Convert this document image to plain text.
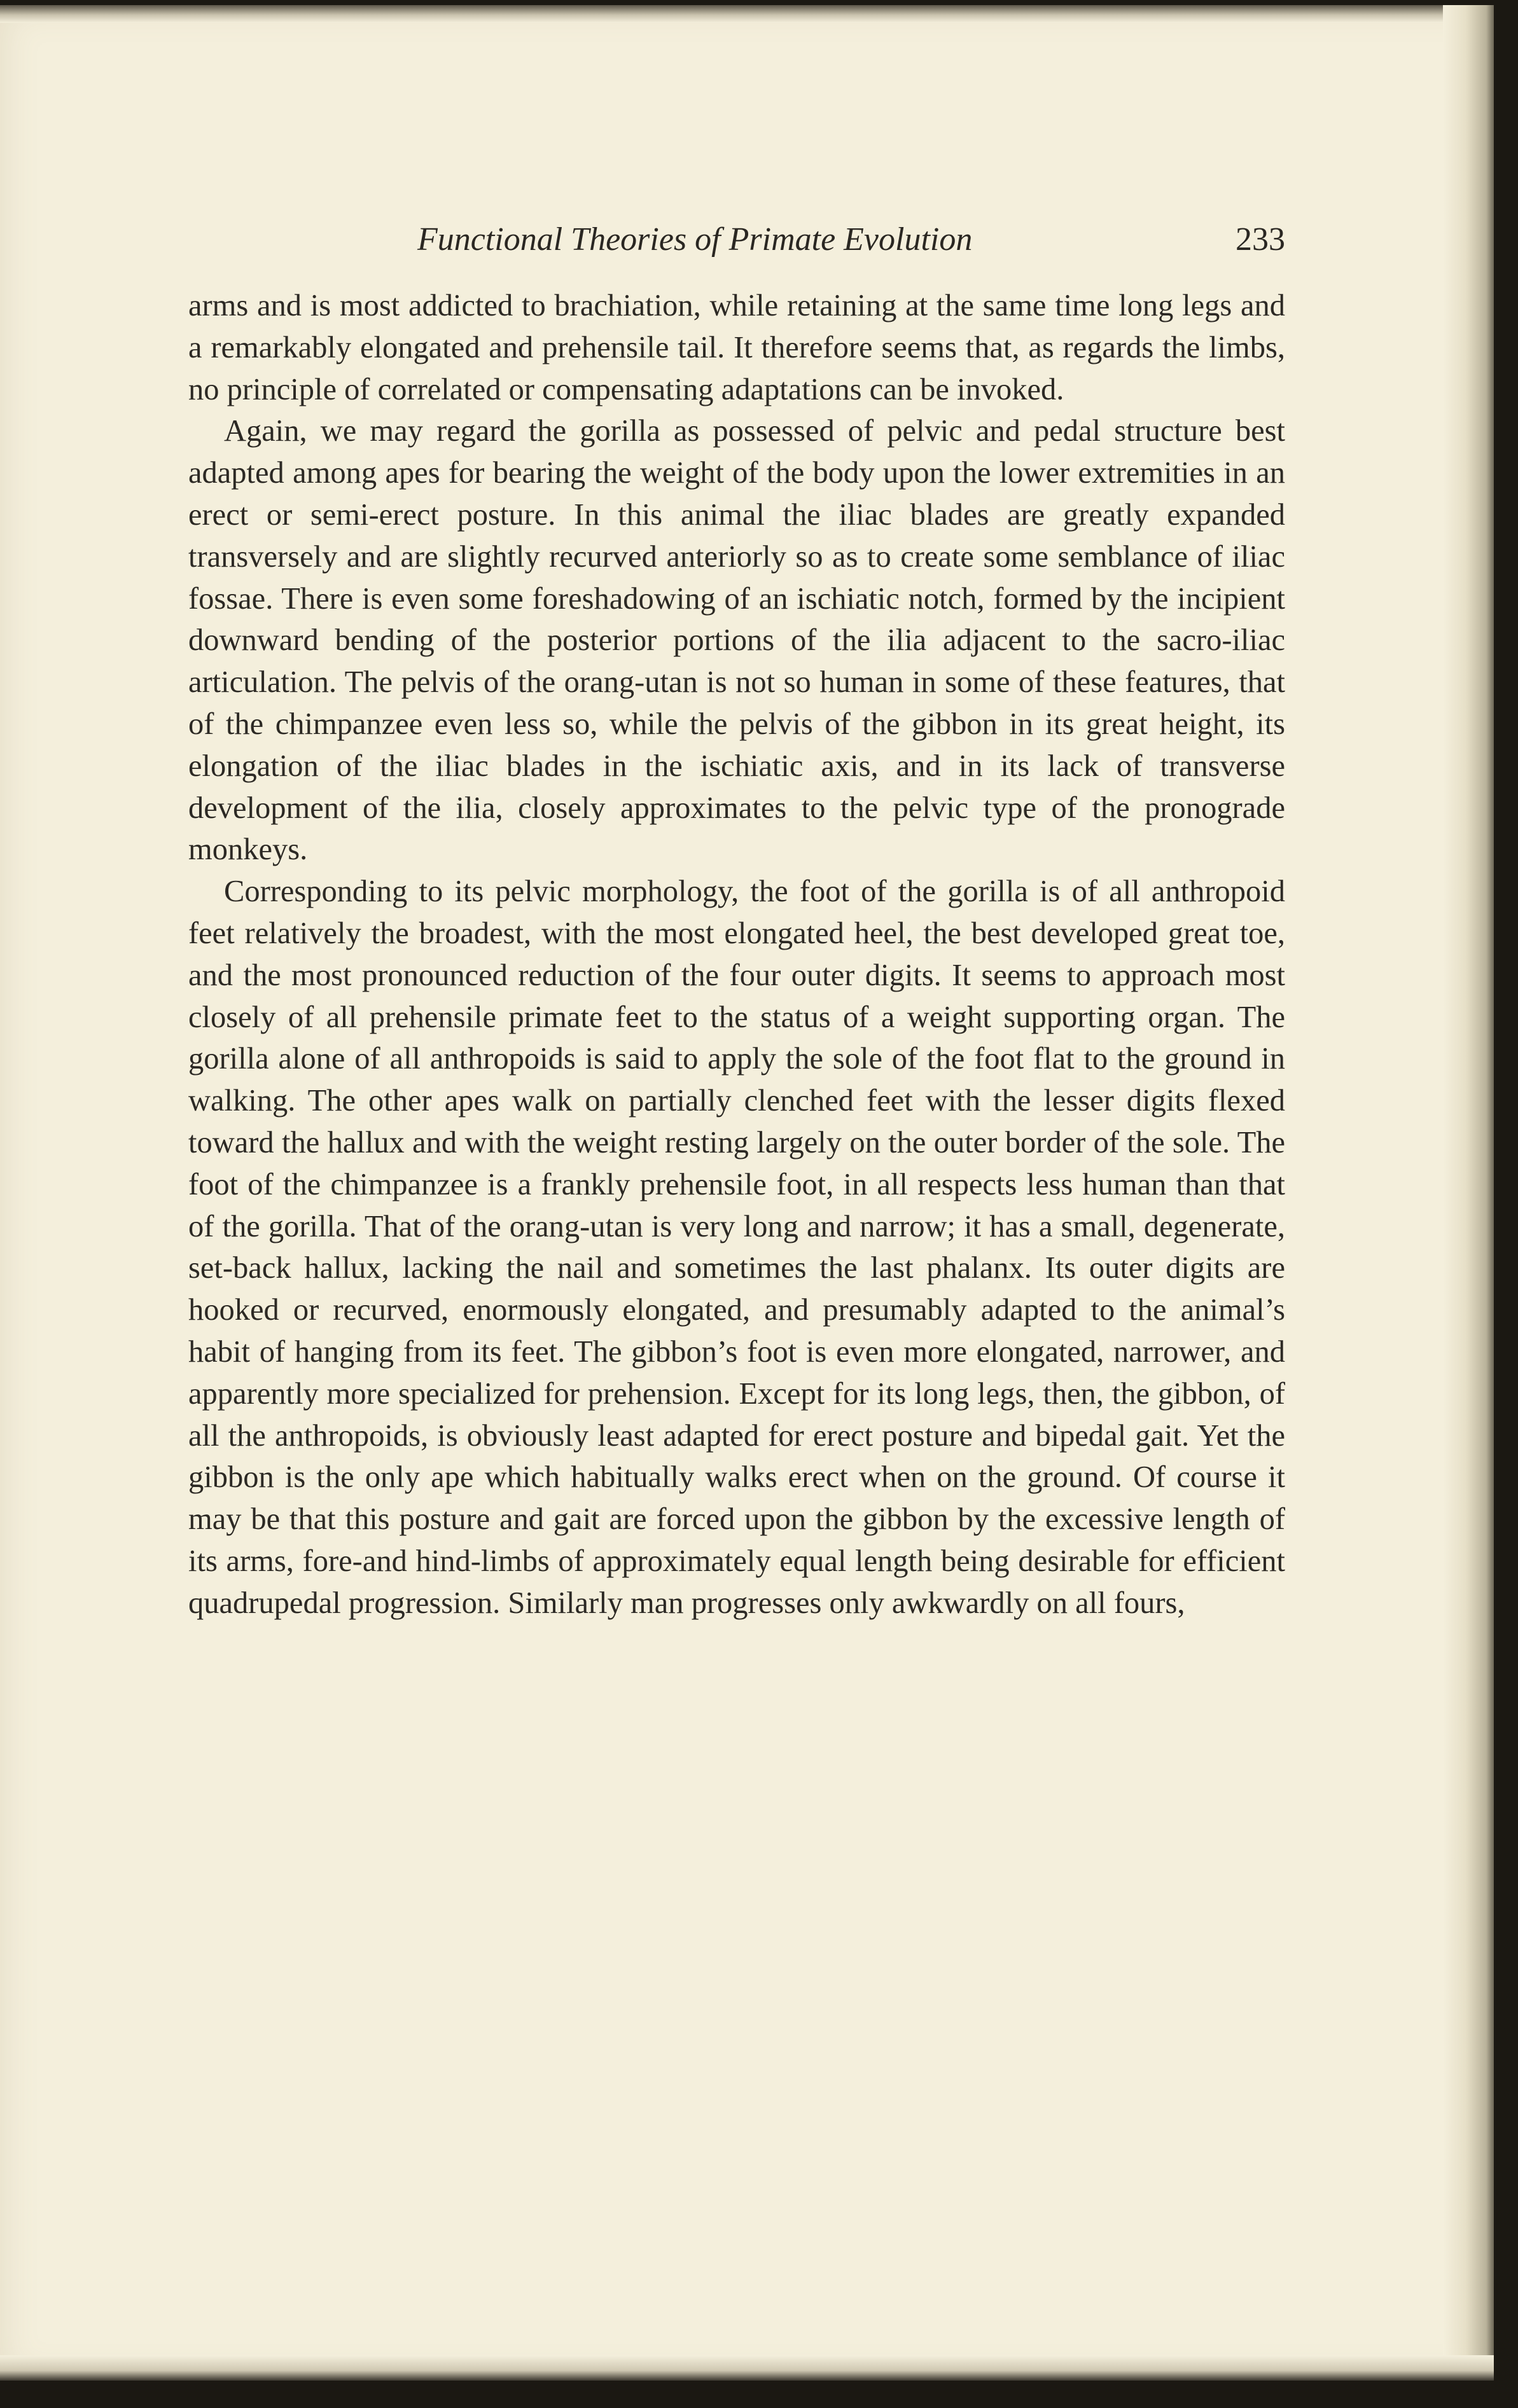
Functional Theories of Primate Evolution	233

arms and is most addicted to brachiation, while retaining at the same time long legs and a remarkably elongated and prehensile tail. It therefore seems that, as regards the limbs, no principle of correlated or compensating adaptations can be invoked.

Again, we may regard the gorilla as possessed of pelvic and pedal structure best adapted among apes for bearing the weight of the body upon the lower extremities in an erect or semi-erect posture. In this animal the iliac blades are greatly expanded transversely and are slightly recurved anteriorly so as to create some semblance of iliac fossae. There is even some foreshadowing of an ischiatic notch, formed by the incipient downward bending of the posterior portions of the ilia adjacent to the sacro-iliac articulation. The pelvis of the orang-utan is not so human in some of these features, that of the chimpanzee even less so, while the pelvis of the gibbon in its great height, its elongation of the iliac blades in the ischiatic axis, and in its lack of transverse development of the ilia, closely approximates to the pelvic type of the pronograde monkeys.

Corresponding to its pelvic morphology, the foot of the gorilla is of all anthropoid feet relatively the broadest, with the most elongated heel, the best developed great toe, and the most pronounced reduction of the four outer digits. It seems to approach most closely of all prehensile primate feet to the status of a weight supporting organ. The gorilla alone of all anthropoids is said to apply the sole of the foot flat to the ground in walking. The other apes walk on partially clenched feet with the lesser digits flexed toward the hallux and with the weight resting largely on the outer border of the sole. The foot of the chimpanzee is a frankly prehensile foot, in all respects less human than that of the gorilla. That of the orang-utan is very long and narrow; it has a small, degenerate, set-back hallux, lacking the nail and sometimes the last phalanx. Its outer digits are hooked or recurved, enormously elongated, and presumably adapted to the animal’s habit of hanging from its feet. The gibbon’s foot is even more elongated, narrower, and apparently more specialized for prehension. Except for its long legs, then, the gibbon, of all the anthropoids, is obviously least adapted for erect posture and bipedal gait. Yet the gibbon is the only ape which habitually walks erect when on the ground. Of course it may be that this posture and gait are forced upon the gibbon by the excessive length of its arms, fore-and hind-limbs of approximately equal length being desirable for efficient quadrupedal progression. Similarly man progresses only awkwardly on all fours,
